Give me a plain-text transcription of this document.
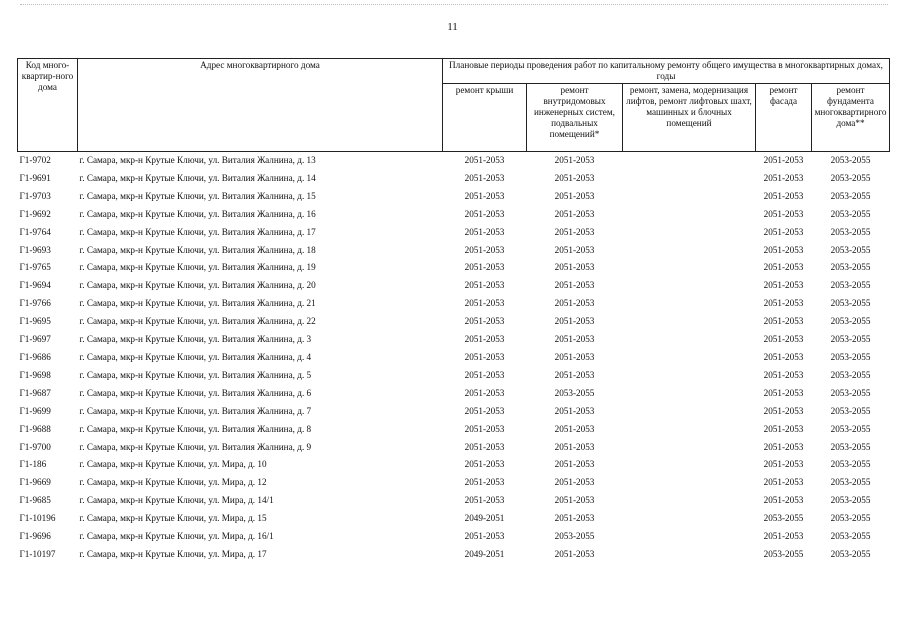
11
Код много-квартир-ного дома	Адрес многоквартирного дома	Плановые периоды проведения работ по капитальному ремонту общего имущества в многоквартирных домах, годы				
		ремонт крыши	ремонт внутридомовых инженерных систем, подвальных помещений*	ремонт, замена, модернизация лифтов, ремонт лифтовых шахт, машинных и блочных помещений	ремонт фасада	ремонт фундамента многоквартирного дома**
Г1-9702	г. Самара, мкр-н Крутые Ключи, ул. Виталия Жалнина, д. 13	2051-2053	2051-2053		2051-2053	2053-2055
Г1-9691	г. Самара, мкр-н Крутые Ключи, ул. Виталия Жалнина, д. 14	2051-2053	2051-2053		2051-2053	2053-2055
Г1-9703	г. Самара, мкр-н Крутые Ключи, ул. Виталия Жалнина, д. 15	2051-2053	2051-2053		2051-2053	2053-2055
Г1-9692	г. Самара, мкр-н Крутые Ключи, ул. Виталия Жалнина, д. 16	2051-2053	2051-2053		2051-2053	2053-2055
Г1-9764	г. Самара, мкр-н Крутые Ключи, ул. Виталия Жалнина, д. 17	2051-2053	2051-2053		2051-2053	2053-2055
Г1-9693	г. Самара, мкр-н Крутые Ключи, ул. Виталия Жалнина, д. 18	2051-2053	2051-2053		2051-2053	2053-2055
Г1-9765	г. Самара, мкр-н Крутые Ключи, ул. Виталия Жалнина, д. 19	2051-2053	2051-2053		2051-2053	2053-2055
Г1-9694	г. Самара, мкр-н Крутые Ключи, ул. Виталия Жалнина, д. 20	2051-2053	2051-2053		2051-2053	2053-2055
Г1-9766	г. Самара, мкр-н Крутые Ключи, ул. Виталия Жалнина, д. 21	2051-2053	2051-2053		2051-2053	2053-2055
Г1-9695	г. Самара, мкр-н Крутые Ключи, ул. Виталия Жалнина, д. 22	2051-2053	2051-2053		2051-2053	2053-2055
Г1-9697	г. Самара, мкр-н Крутые Ключи, ул. Виталия Жалнина, д. 3	2051-2053	2051-2053		2051-2053	2053-2055
Г1-9686	г. Самара, мкр-н Крутые Ключи, ул. Виталия Жалнина, д. 4	2051-2053	2051-2053		2051-2053	2053-2055
Г1-9698	г. Самара, мкр-н Крутые Ключи, ул. Виталия Жалнина, д. 5	2051-2053	2051-2053		2051-2053	2053-2055
Г1-9687	г. Самара, мкр-н Крутые Ключи, ул. Виталия Жалнина, д. 6	2051-2053	2053-2055		2051-2053	2053-2055
Г1-9699	г. Самара, мкр-н Крутые Ключи, ул. Виталия Жалнина, д. 7	2051-2053	2051-2053		2051-2053	2053-2055
Г1-9688	г. Самара, мкр-н Крутые Ключи, ул. Виталия Жалнина, д. 8	2051-2053	2051-2053		2051-2053	2053-2055
Г1-9700	г. Самара, мкр-н Крутые Ключи, ул. Виталия Жалнина, д. 9	2051-2053	2051-2053		2051-2053	2053-2055
Г1-186	г. Самара, мкр-н Крутые Ключи, ул. Мира, д. 10	2051-2053	2051-2053		2051-2053	2053-2055
Г1-9669	г. Самара, мкр-н Крутые Ключи, ул. Мира, д. 12	2051-2053	2051-2053		2051-2053	2053-2055
Г1-9685	г. Самара, мкр-н Крутые Ключи, ул. Мира, д. 14/1	2051-2053	2051-2053		2051-2053	2053-2055
Г1-10196	г. Самара, мкр-н Крутые Ключи, ул. Мира, д. 15	2049-2051	2051-2053		2053-2055	2053-2055
Г1-9696	г. Самара, мкр-н Крутые Ключи, ул. Мира, д. 16/1	2051-2053	2053-2055		2051-2053	2053-2055
Г1-10197	г. Самара, мкр-н Крутые Ключи, ул. Мира, д. 17	2049-2051	2051-2053		2053-2055	2053-2055
